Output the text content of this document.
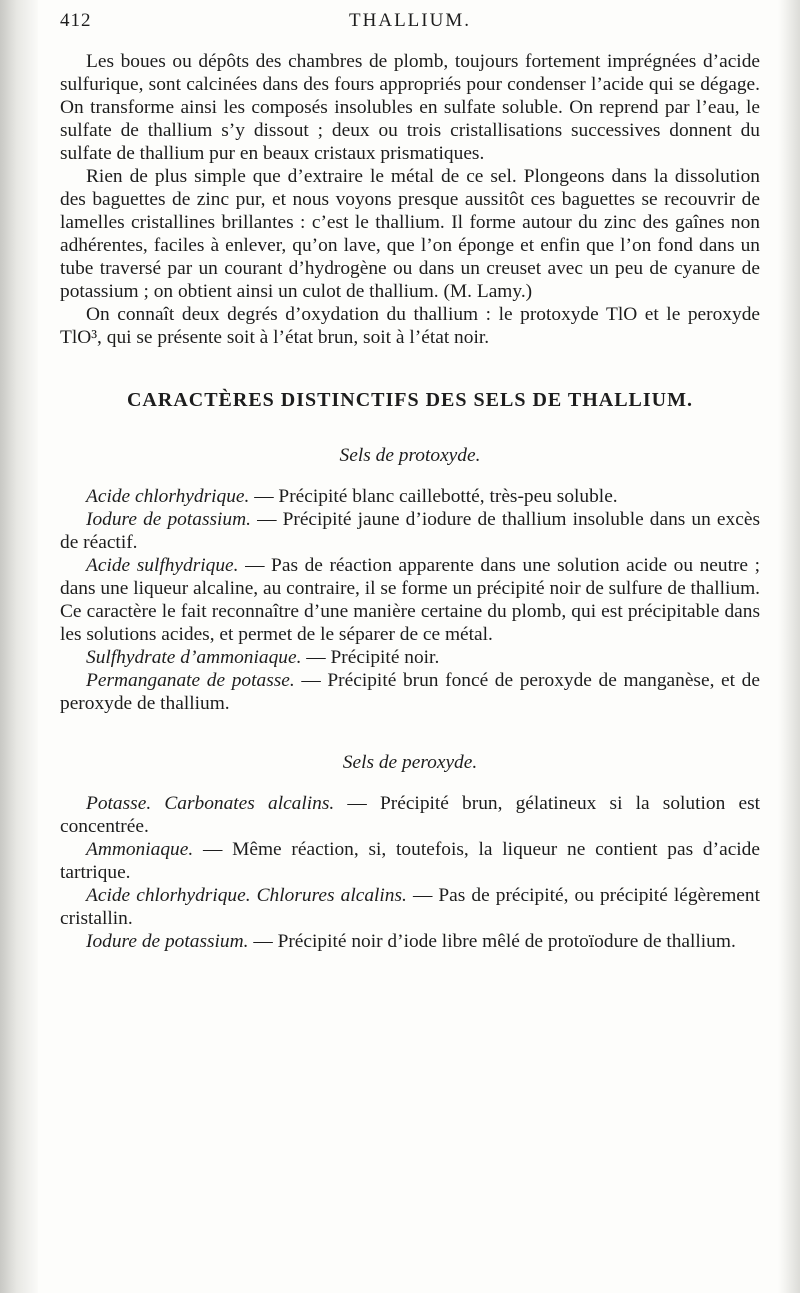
412	THALLIUM.

Les boues ou dépôts des chambres de plomb, toujours fortement imprégnées d’acide sulfurique, sont calcinées dans des fours appropriés pour condenser l’acide qui se dégage. On transforme ainsi les composés insolubles en sulfate soluble. On reprend par l’eau, le sulfate de thallium s’y dissout ; deux ou trois cristallisations successives donnent du sulfate de thallium pur en beaux cristaux prismatiques.

Rien de plus simple que d’extraire le métal de ce sel. Plongeons dans la dissolution des baguettes de zinc pur, et nous voyons presque aussitôt ces baguettes se recouvrir de lamelles cristallines brillantes : c’est le thallium. Il forme autour du zinc des gaînes non adhérentes, faciles à enlever, qu’on lave, que l’on éponge et enfin que l’on fond dans un tube traversé par un courant d’hydrogène ou dans un creuset avec un peu de cyanure de potassium ; on obtient ainsi un culot de thallium. (M. Lamy.)

On connaît deux degrés d’oxydation du thallium : le protoxyde TlO et le peroxyde TlO³, qui se présente soit à l’état brun, soit à l’état noir.

CARACTÈRES DISTINCTIFS DES SELS DE THALLIUM.

Sels de protoxyde.

Acide chlorhydrique. — Précipité blanc caillebotté, très-peu soluble.

Iodure de potassium. — Précipité jaune d’iodure de thallium insoluble dans un excès de réactif.

Acide sulfhydrique. — Pas de réaction apparente dans une solution acide ou neutre ; dans une liqueur alcaline, au contraire, il se forme un précipité noir de sulfure de thallium. Ce caractère le fait reconnaître d’une manière certaine du plomb, qui est précipitable dans les solutions acides, et permet de le séparer de ce métal.

Sulfhydrate d’ammoniaque. — Précipité noir.

Permanganate de potasse. — Précipité brun foncé de peroxyde de manganèse, et de peroxyde de thallium.

Sels de peroxyde.

Potasse. Carbonates alcalins. — Précipité brun, gélatineux si la solution est concentrée.

Ammoniaque. — Même réaction, si, toutefois, la liqueur ne contient pas d’acide tartrique.

Acide chlorhydrique. Chlorures alcalins. — Pas de précipité, ou précipité légèrement cristallin.

Iodure de potassium. — Précipité noir d’iode libre mêlé de protoïodure de thallium.
